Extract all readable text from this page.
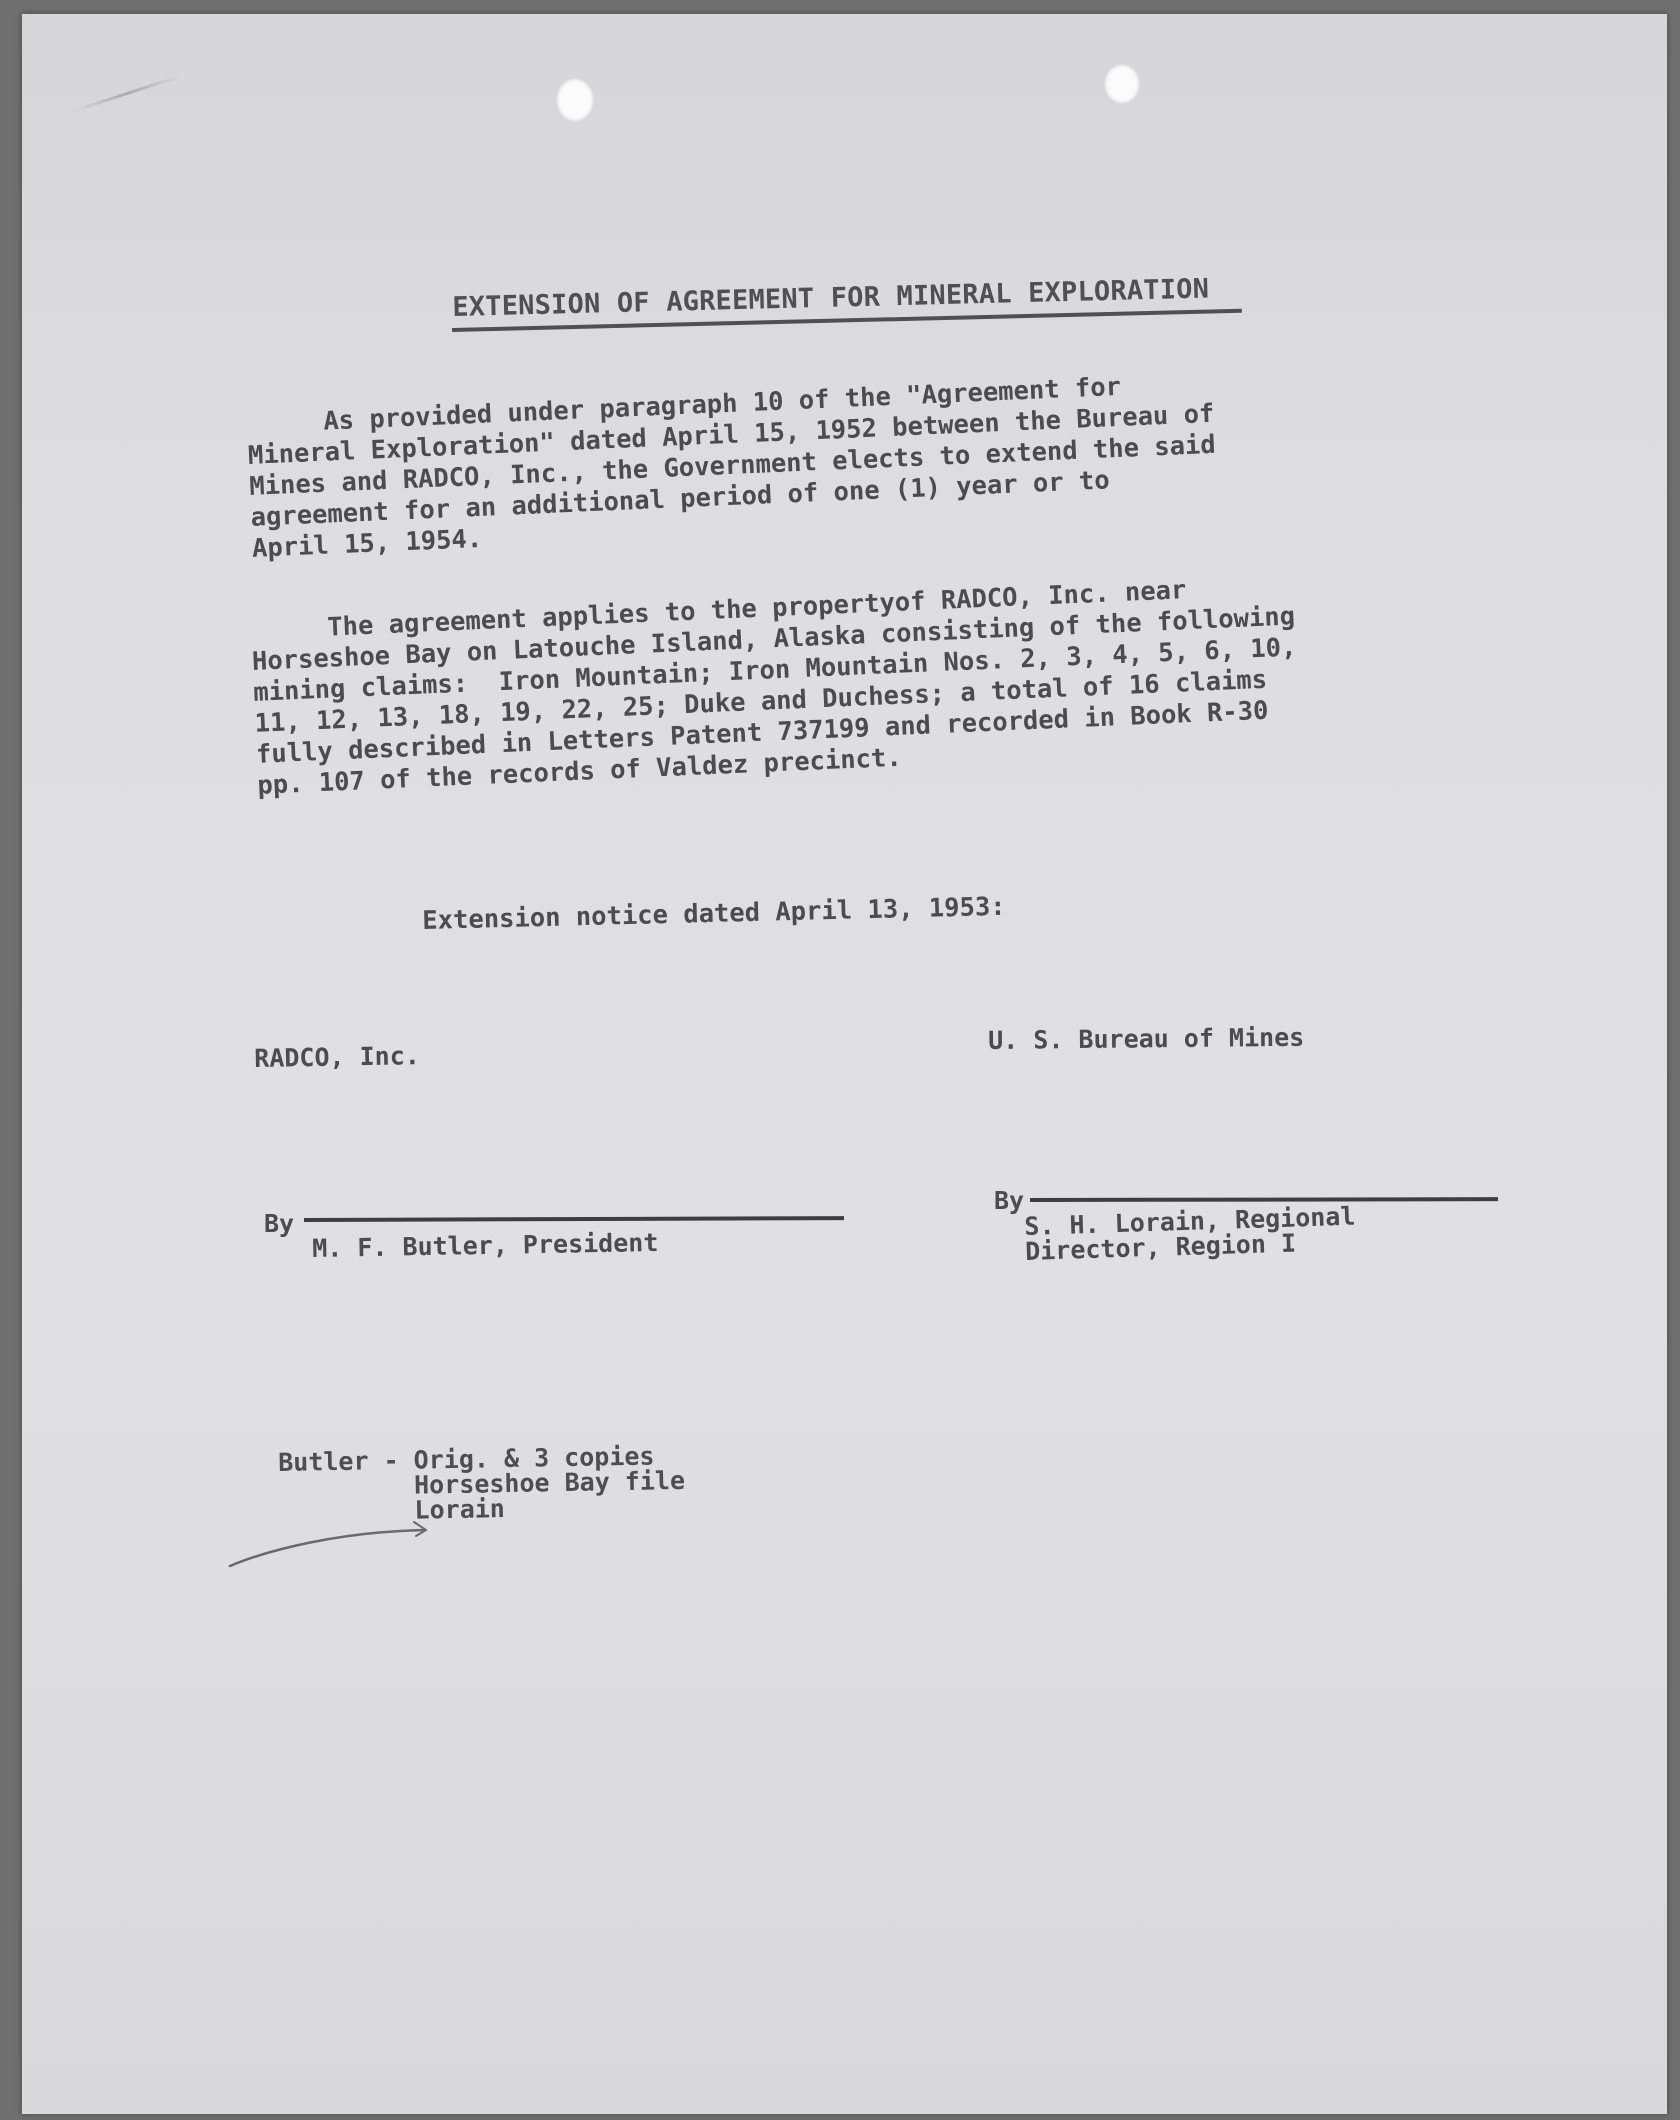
EXTENSION OF AGREEMENT FOR MINERAL EXPLORATION
As provided under paragraph 10 of the "Agreement for
Mineral Exploration" dated April 15, 1952 between the Bureau of
Mines and RADCO, Inc., the Government elects to extend the said
agreement for an additional period of one (1) year or to
April 15, 1954.
The agreement applies to the propertyof RADCO, Inc. near
Horseshoe Bay on Latouche Island, Alaska consisting of the following
mining claims:  Iron Mountain; Iron Mountain Nos. 2, 3, 4, 5, 6, 10,
11, 12, 13, 18, 19, 22, 25; Duke and Duchess; a total of 16 claims
fully described in Letters Patent 737199 and recorded in Book R-30
pp. 107 of the records of Valdez precinct.
Extension notice dated April 13, 1953:
RADCO, Inc.
U. S. Bureau of Mines
By
M. F. Butler, President
By
S. H. Lorain, Regional
Director, Region I
Butler - Orig. & 3 copies
Horseshoe Bay file
Lorain
